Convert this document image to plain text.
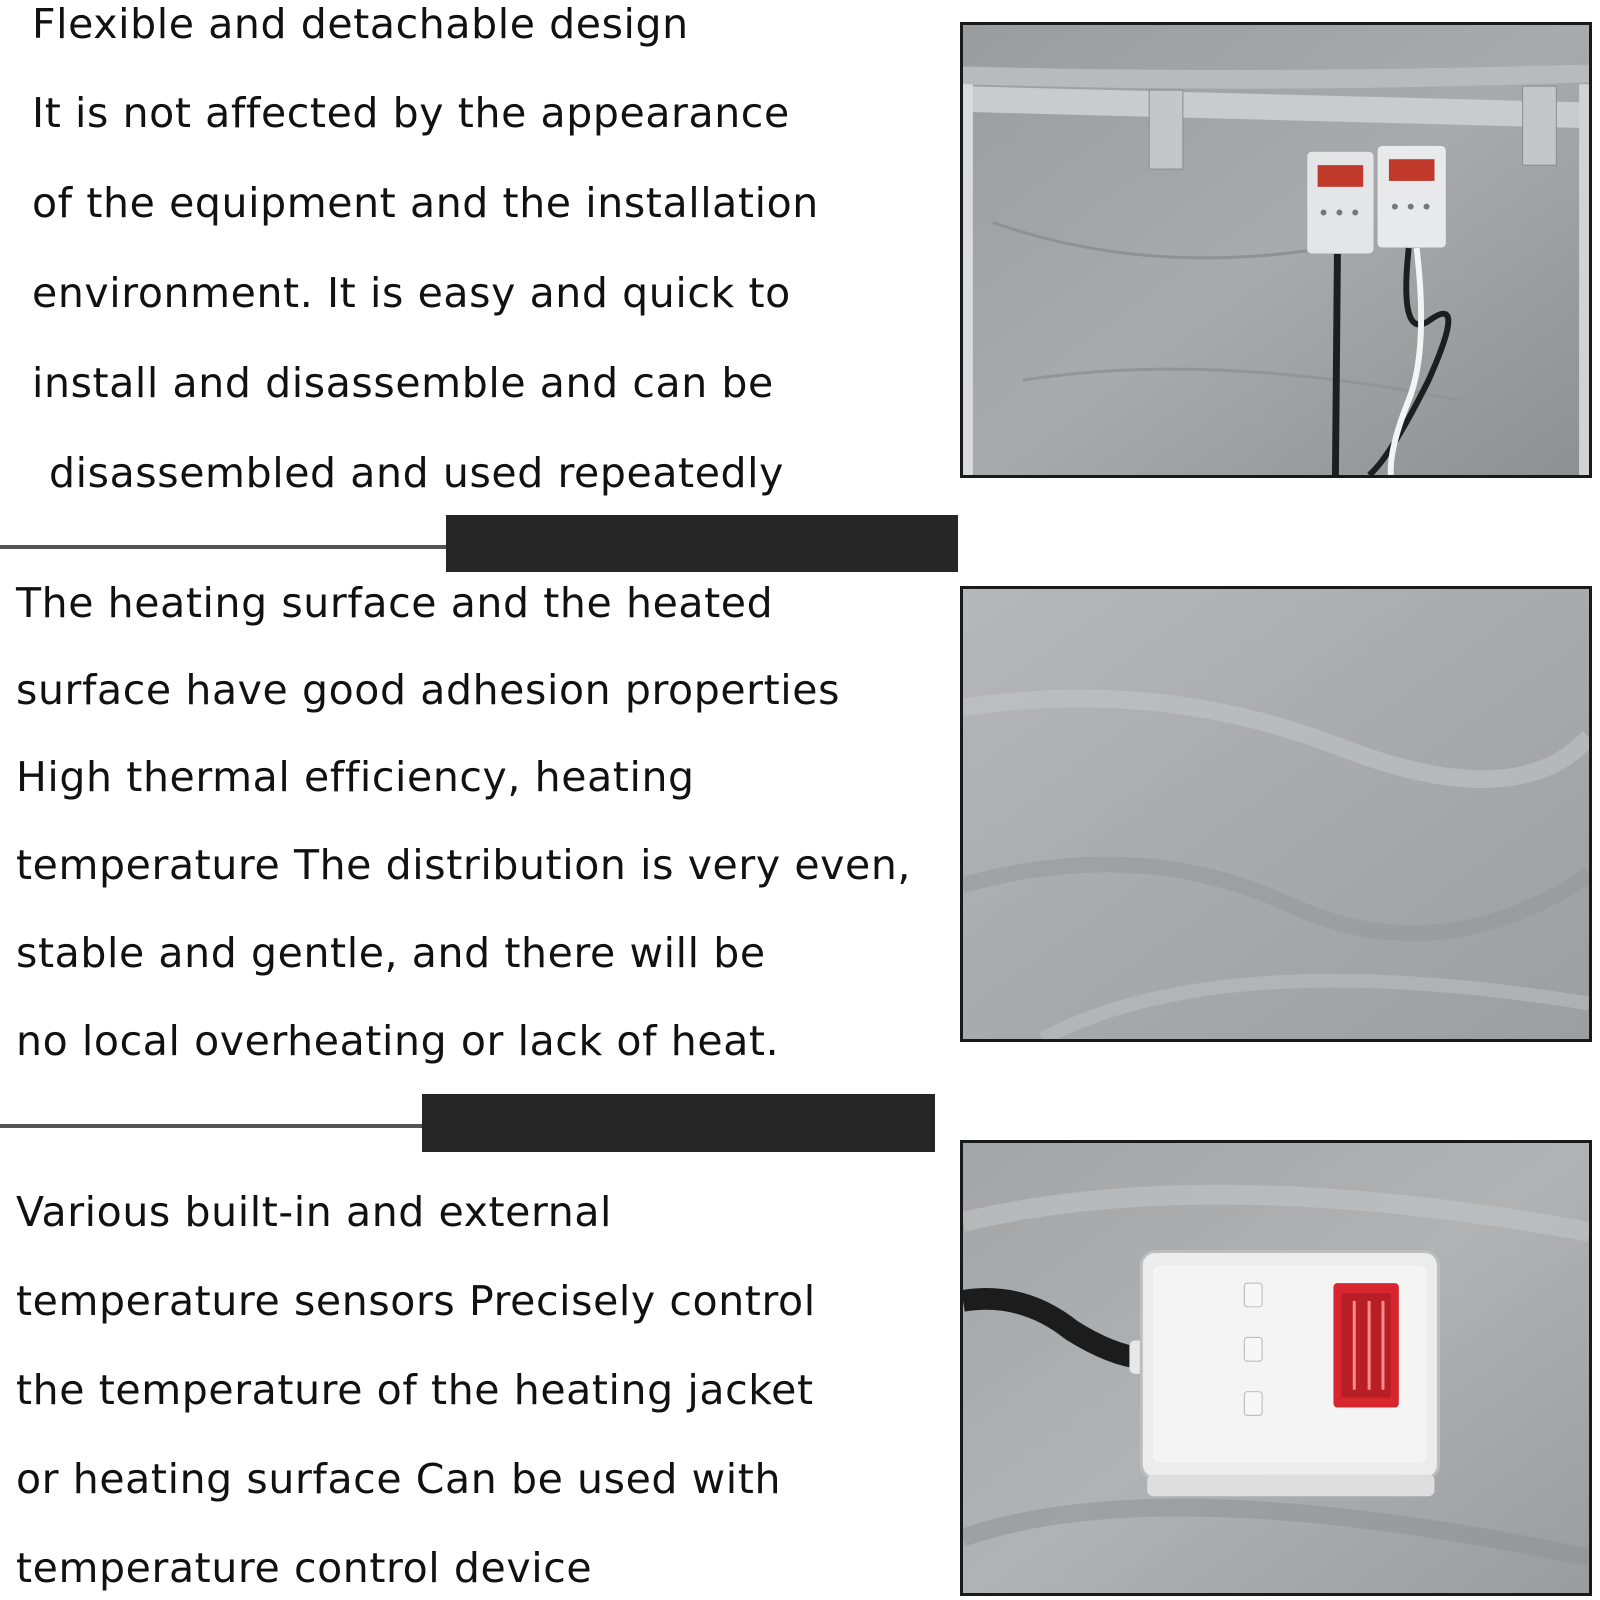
Flexible and detachable design
It is not affected by the appearance
of the equipment and the installation
environment. It is easy and quick to
install and disassemble and can be
disassembled and used repeatedly
The heating surface and the heated
surface have good adhesion properties
High thermal efficiency, heating
temperature The distribution is very even,
stable and gentle, and there will be
no local overheating or lack of heat.
Various built-in and external
temperature sensors Precisely control
the temperature of the heating jacket
or heating surface Can be used with
temperature control device
